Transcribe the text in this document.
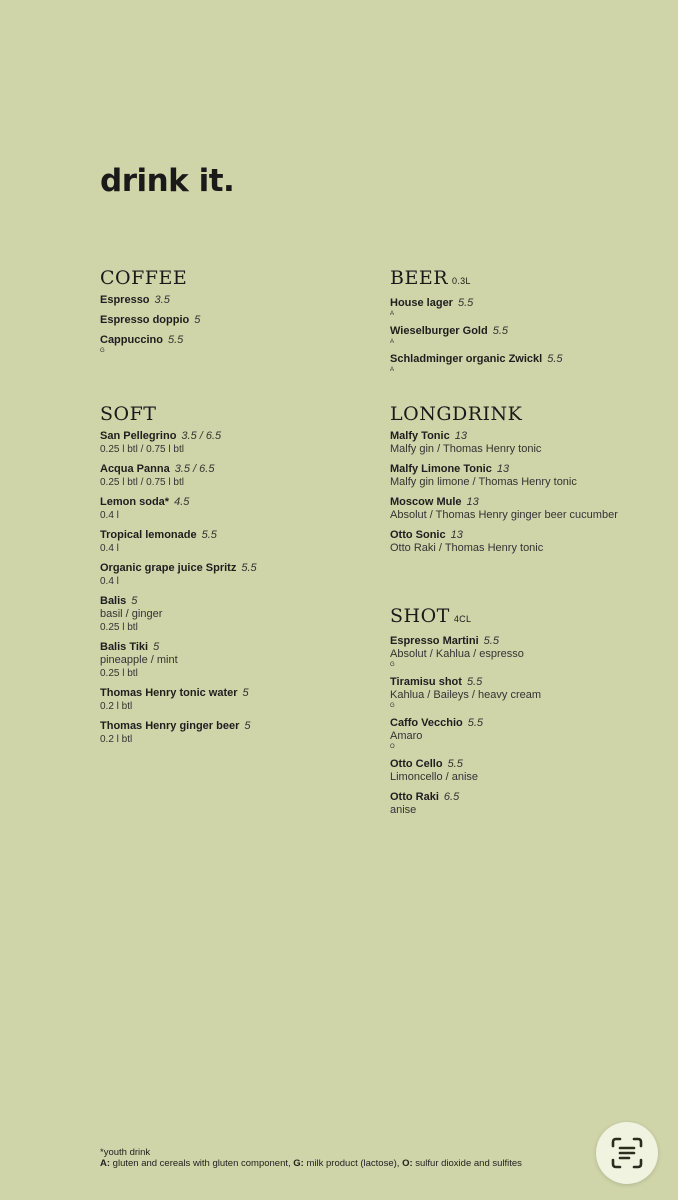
drink it.
COFFEE
Espresso 3.5
Espresso doppio 5
Cappuccino 5.5
G
SOFT
San Pellegrino 3.5 / 6.5
0.25 l btl / 0.75 l btl
Acqua Panna 3.5 / 6.5
0.25 l btl / 0.75 l btl
Lemon soda* 4.5
0.4 l
Tropical lemonade 5.5
0.4 l
Organic grape juice Spritz 5.5
0.4 l
Balis 5
basil / ginger
0.25 l btl
Balis Tiki 5
pineapple / mint
0.25 l btl
Thomas Henry tonic water 5
0.2 l btl
Thomas Henry ginger beer 5
0.2 l btl
BEER 0.3L
House lager 5.5
A
Wieselburger Gold 5.5
A
Schladminger organic Zwickl 5.5
A
LONGDRINK
Malfy Tonic 13
Malfy gin / Thomas Henry tonic
Malfy Limone Tonic 13
Malfy gin limone / Thomas Henry tonic
Moscow Mule 13
Absolut / Thomas Henry ginger beer cucumber
Otto Sonic 13
Otto Raki / Thomas Henry tonic
SHOT 4CL
Espresso Martini 5.5
Absolut / Kahlua / espresso
G
Tiramisu shot 5.5
Kahlua / Baileys / heavy cream
G
Caffo Vecchio 5.5
Amaro
O
Otto Cello 5.5
Limoncello / anise
Otto Raki 6.5
anise
*youth drink
A: gluten and cereals with gluten component, G: milk product (lactose), O: sulfur dioxide and sulfites
